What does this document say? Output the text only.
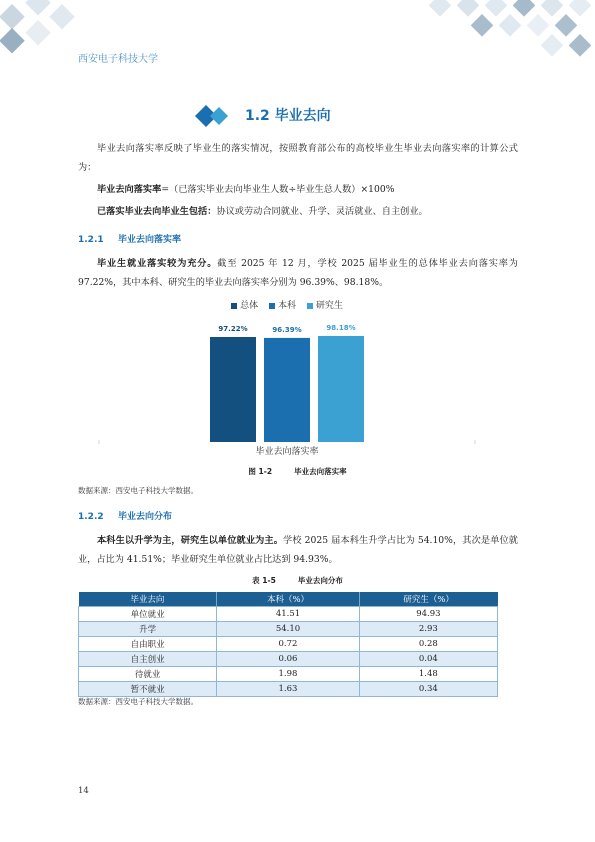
西安电子科技大学
1.2 毕业去向
毕业去向落实率反映了毕业生的落实情况，按照教育部公布的高校毕业生毕业去向落实率的计算公式为：
毕业去向落实率=（已落实毕业去向毕业生人数÷毕业生总人数）×100%
已落实毕业去向毕业生包括：协议或劳动合同就业、升学、灵活就业、自主创业。
1.2.1 毕业去向落实率
毕业生就业落实较为充分。截至 2025 年 12 月，学校 2025 届毕业生的总体毕业去向落实率为 97.22%，其中本科、研究生的毕业去向落实率分别为 96.39%、98.18%。
总体 本科 研究生
97.22%	96.39%	98.18%
毕业去向落实率
图 1-2	毕业去向落实率
数据来源：西安电子科技大学数据。
1.2.2 毕业去向分布
本科生以升学为主，研究生以单位就业为主。学校 2025 届本科生升学占比为 54.10%，其次是单位就业，占比为 41.51%；毕业研究生单位就业占比达到 94.93%。
表 1-5	毕业去向分布
毕业去向	本科（%）	研究生（%）
单位就业	41.51	94.93
升学	54.10	2.93
自由职业	0.72	0.28
自主创业	0.06	0.04
待就业	1.98	1.48
暂不就业	1.63	0.34
数据来源：西安电子科技大学数据。
14
